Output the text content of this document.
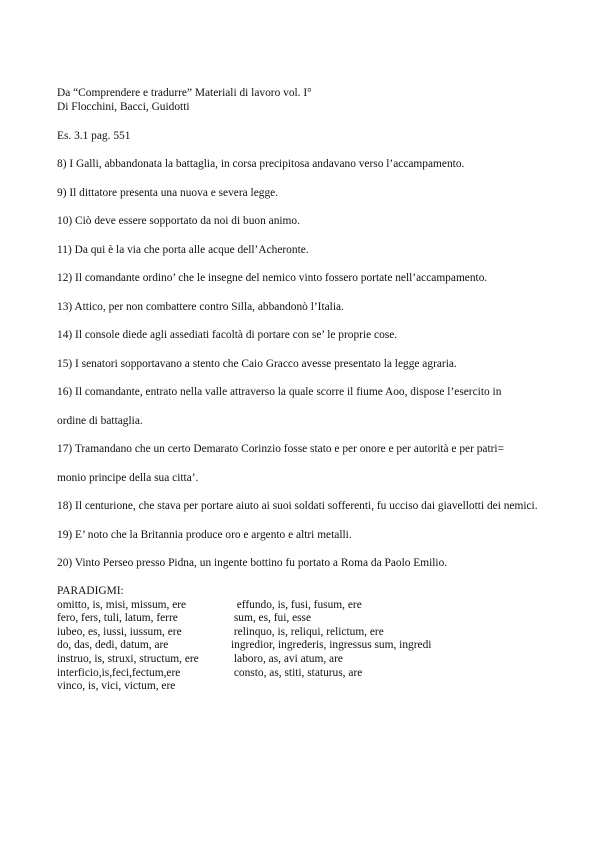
Da “Comprendere e tradurre” Materiali di lavoro vol. I°
Di Flocchini, Bacci, Guidotti
Es. 3.1 pag. 551
8) I Galli, abbandonata la battaglia, in corsa precipitosa andavano verso l’accampamento.
9) Il dittatore presenta una nuova e severa legge.
10) Ciò deve essere sopportato da noi di buon animo.
11) Da qui è la via che porta alle acque dell’Acheronte.
12) Il comandante ordino’ che le insegne del nemico vinto fossero portate nell’accampamento.
13) Attico, per non combattere contro Silla, abbandonò l’Italia.
14) Il console diede agli assediati facoltà di portare con se’ le proprie cose.
15) I senatori sopportavano a stento che Caio Gracco avesse presentato la legge agraria.
16) Il comandante, entrato nella valle attraverso la quale scorre il fiume Aoo, dispose l’esercito in
ordine di battaglia.
17) Tramandano che un certo Demarato Corinzio fosse stato e per onore e per autorità e per patri=
monio principe della sua citta’.
18) Il centurione, che stava per portare aiuto ai suoi soldati sofferenti, fu ucciso dai giavellotti dei nemici.
19) E’ noto che la Britannia produce oro e argento e altri metalli.
20) Vinto Perseo presso Pidna, un ingente bottino fu portato a Roma da Paolo Emilio.
PARADIGMI:
omitto, is, misi, missum, ere	effundo, is, fusi, fusum, ere
fero, fers, tuli, latum, ferre	sum, es, fui, esse
iubeo, es, iussi, iussum, ere	relinquo, is, reliqui, relictum, ere
do, das, dedi, datum, are	ingredior, ingrederis, ingressus sum, ingredi
instruo, is, struxi, structum, ere	laboro, as, avi atum, are
interficio,is,feci,fectum,ere	consto, as, stiti, staturus, are
vinco, is, vici, victum, ere
